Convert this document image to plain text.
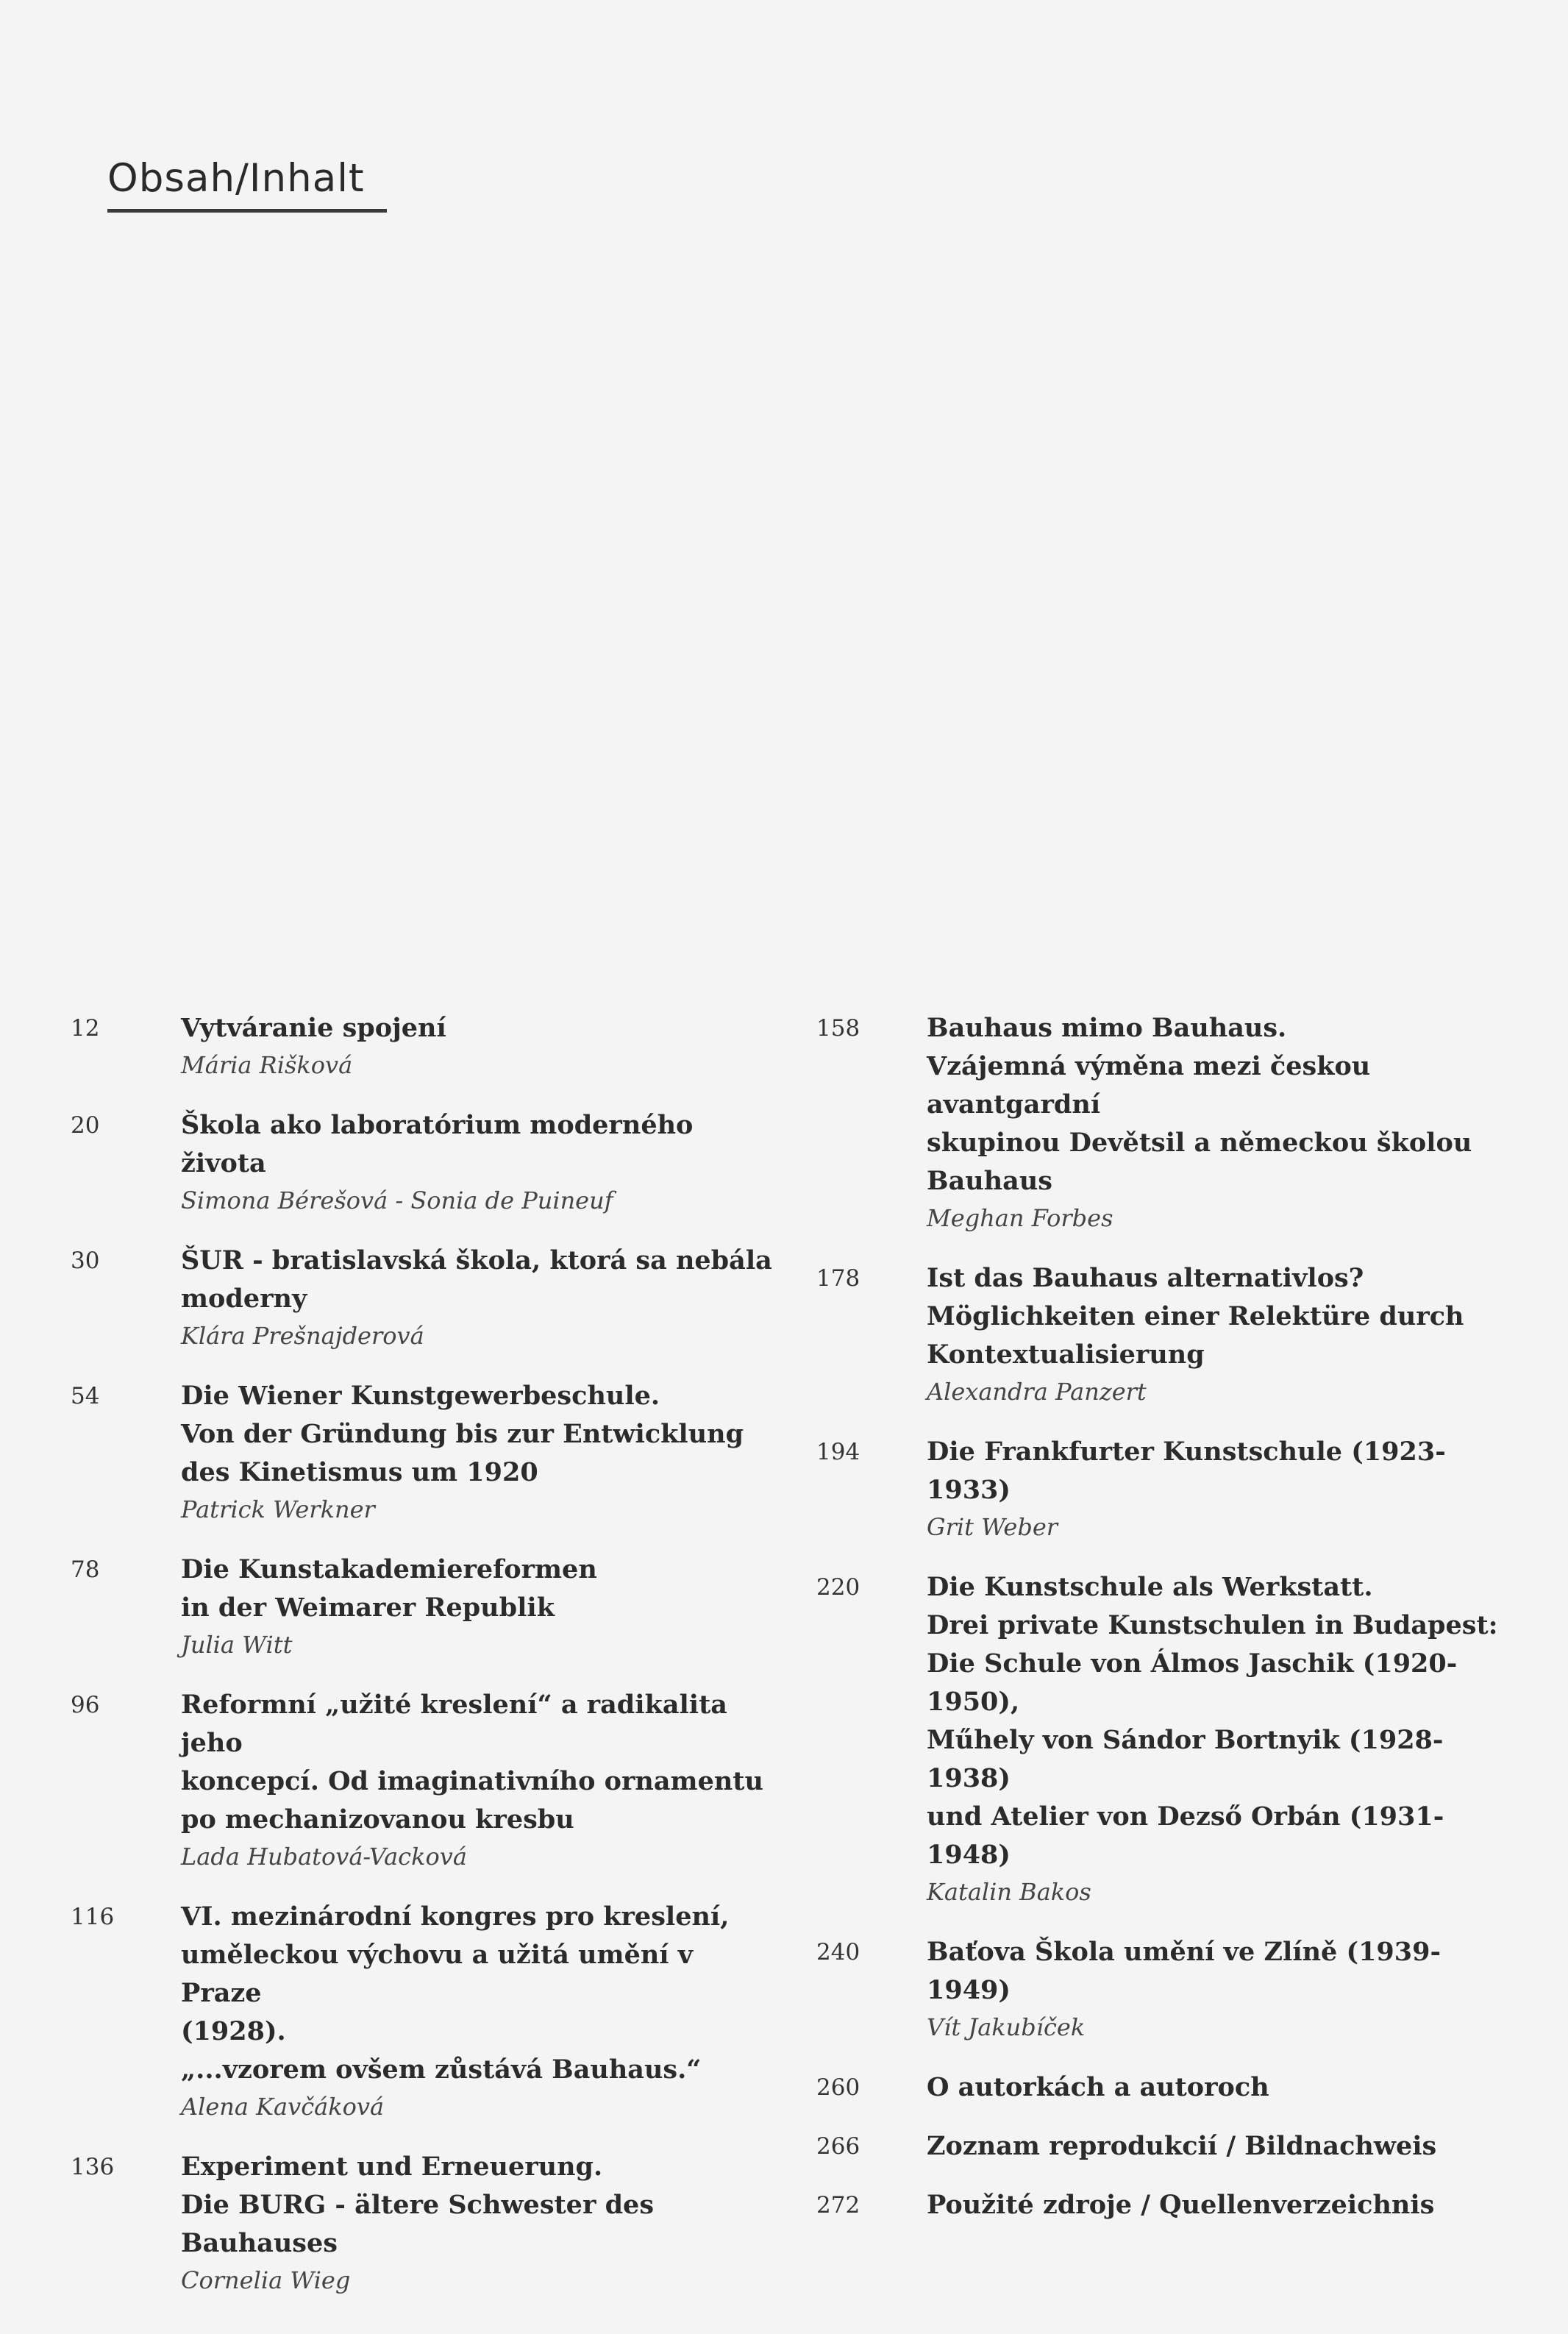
Obsah/Inhalt
12	Vytváranie spojení

Mária Rišková

20	Škola ako laboratórium moderného života

Simona Bérešová - Sonia de Puineuf

30	ŠUR - bratislavská škola, ktorá sa nebála
moderny

Klára Prešnajderová

54	Die Wiener Kunstgewerbeschule.
Von der Gründung bis zur Entwicklung
des Kinetismus um 1920

Patrick Werkner

78	Die Kunstakademiereformen
in der Weimarer Republik

Julia Witt

96	Reformní „užité kreslení“ a radikalita jeho
koncepcí. Od imaginativního ornamentu
po mechanizovanou kresbu

Lada Hubatová-Vacková

116	VI. mezinárodní kongres pro kreslení,
uměleckou výchovu a užitá umění v Praze
(1928).
„...vzorem ovšem zůstává Bauhaus.“

Alena Kavčáková

136	Experiment und Erneuerung.
Die BURG - ältere Schwester des Bauhauses

Cornelia Wieg

158	Bauhaus mimo Bauhaus.
Vzájemná výměna mezi českou avantgardní
skupinou Devětsil a německou školou
Bauhaus

Meghan Forbes

178	Ist das Bauhaus alternativlos?
Möglichkeiten einer Relektüre durch
Kontextualisierung

Alexandra Panzert

194	Die Frankfurter Kunstschule (1923-1933)

Grit Weber

220	Die Kunstschule als Werkstatt.
Drei private Kunstschulen in Budapest:
Die Schule von Álmos Jaschik (1920-1950),
Műhely von Sándor Bortnyik (1928-1938)
und Atelier von Dezső Orbán (1931-1948)

Katalin Bakos

240	Baťova Škola umění ve Zlíně (1939-1949)

Vít Jakubíček

260	O autorkách a autoroch

266	Zoznam reprodukcií / Bildnachweis

272	Použité zdroje / Quellenverzeichnis
